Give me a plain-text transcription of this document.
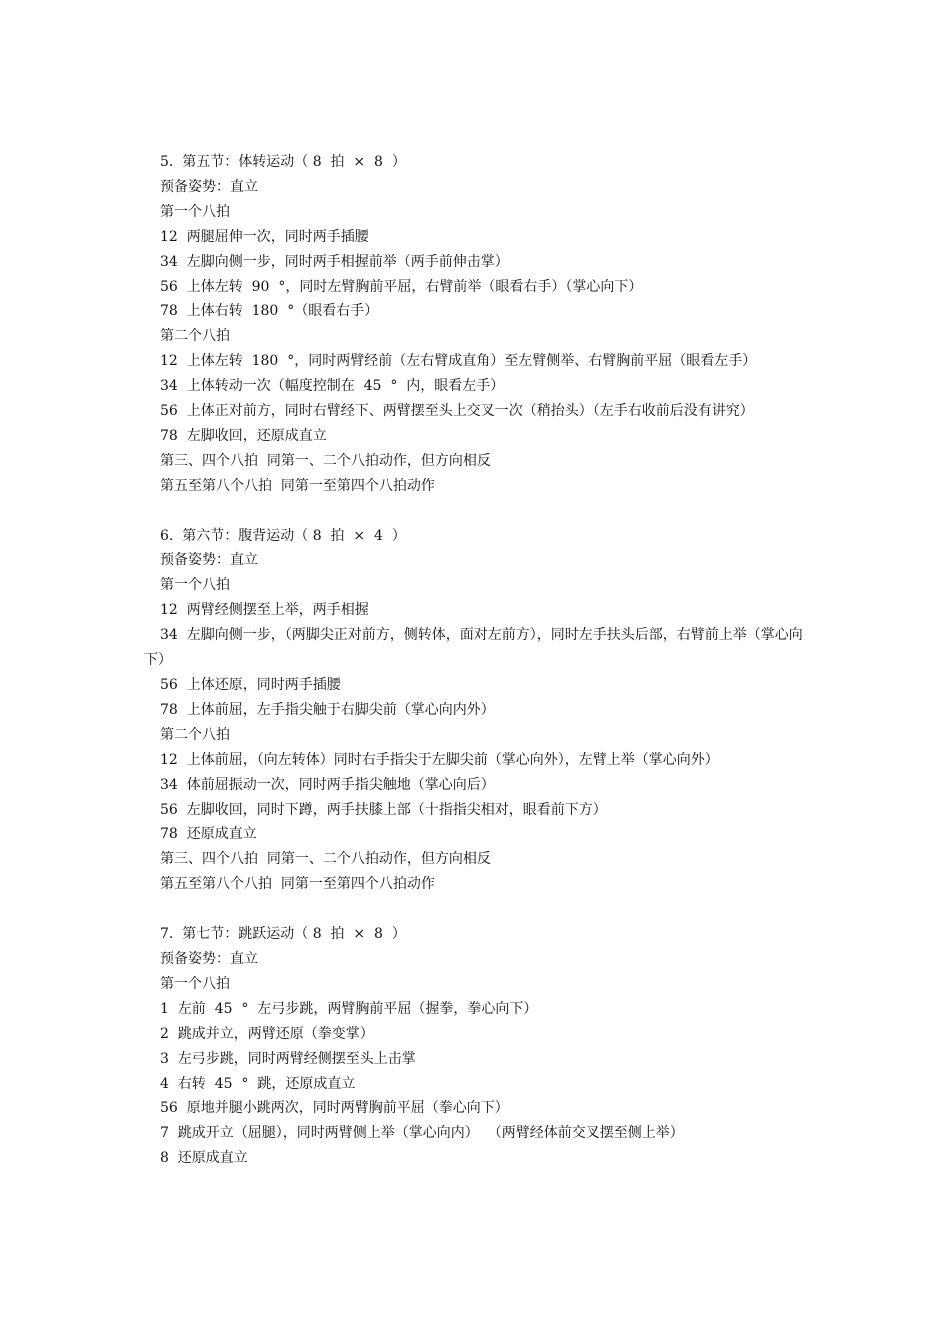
5.  第五节：体转运动（ 8  拍  ×  8  ）
预备姿势：直立
第一个八拍
12  两腿屈伸一次，同时两手插腰
34  左脚向侧一步，同时两手相握前举（两手前伸击掌）
56  上体左转  90  °，同时左臂胸前平屈，右臂前举（眼看右手）（掌心向下）
78  上体右转  180  °（眼看右手）
第二个八拍
12  上体左转  180  °，同时两臂经前（左右臂成直角）至左臂侧举、右臂胸前平屈（眼看左手）
34  上体转动一次（幅度控制在  45  °  内，眼看左手）
56  上体正对前方，同时右臂经下、两臂摆至头上交叉一次（稍抬头）（左手右收前后没有讲究）
78  左脚收回，还原成直立
第三、四个八拍  同第一、二个八拍动作，但方向相反
第五至第八个八拍  同第一至第四个八拍动作
6.  第六节：腹背运动（ 8  拍  ×  4  ）
预备姿势：直立
第一个八拍
12  两臂经侧摆至上举，两手相握
34  左脚向侧一步，（两脚尖正对前方，侧转体，面对左前方），同时左手扶头后部，右臂前上举（掌心向下）
56  上体还原，同时两手插腰
78  上体前屈，左手指尖触于右脚尖前（掌心向内外）
第二个八拍
12  上体前屈，（向左转体）同时右手指尖于左脚尖前（掌心向外），左臂上举（掌心向外）
34  体前屈振动一次，同时两手指尖触地（掌心向后）
56  左脚收回，同时下蹲，两手扶膝上部（十指指尖相对，眼看前下方）
78  还原成直立
第三、四个八拍  同第一、二个八拍动作，但方向相反
第五至第八个八拍  同第一至第四个八拍动作
7.  第七节：跳跃运动（ 8  拍  ×  8  ）
预备姿势：直立
第一个八拍
1  左前  45  °  左弓步跳，两臂胸前平屈（握拳，拳心向下）
2  跳成并立，两臂还原（拳变掌）
3  左弓步跳，同时两臂经侧摆至头上击掌
4  右转  45  °  跳，还原成直立
56  原地并腿小跳两次，同时两臂胸前平屈（拳心向下）
7  跳成开立（屈腿），同时两臂侧上举（掌心向内）  （两臂经体前交叉摆至侧上举）
8  还原成直立
